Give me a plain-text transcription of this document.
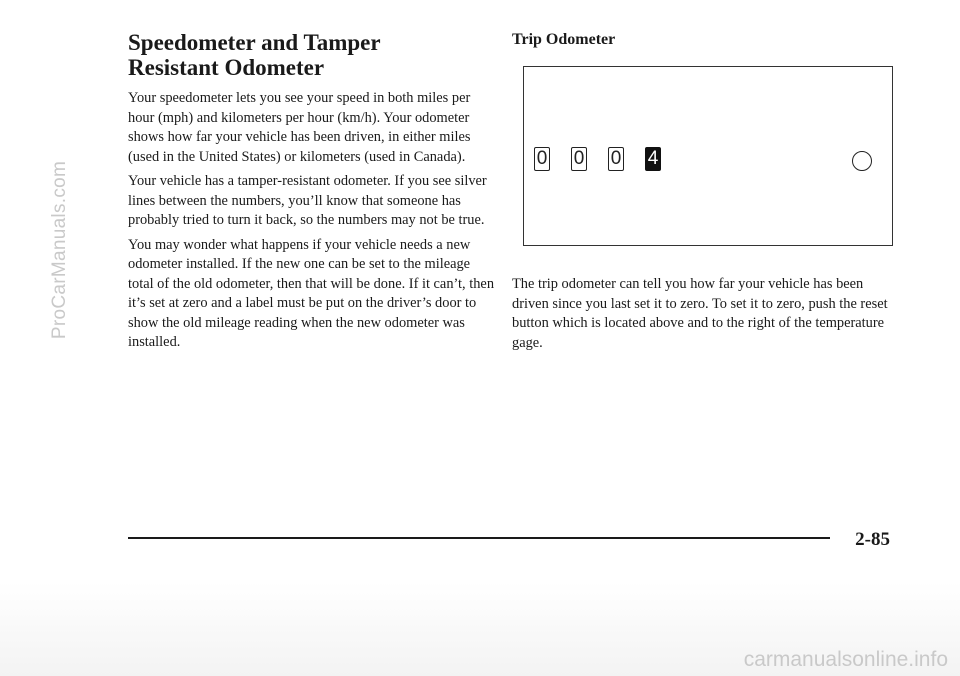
ProCarManuals.com
carmanualsonline.info
Speedometer and Tamper
Resistant Odometer

Your speedometer lets you see your speed in both miles per hour (mph) and kilometers per hour (km/h). Your odometer shows how far your vehicle has been driven, in either miles (used in the United States) or kilometers (used in Canada).

Your vehicle has a tamper-resistant odometer. If you see silver lines between the numbers, you’ll know that someone has probably tried to turn it back, so the numbers may not be true.

You may wonder what happens if your vehicle needs a new odometer installed. If the new one can be set to the mileage total of the old odometer, then that will be done. If it can’t, then it’s set at zero and a label must be put on the driver’s door to show the old mileage reading when the new odometer was installed.

Trip Odometer
0 0 0 4

The trip odometer can tell you how far your vehicle has been driven since you last set it to zero. To set it to zero, push the reset button which is located above and to the right of the temperature gage.

2-85
